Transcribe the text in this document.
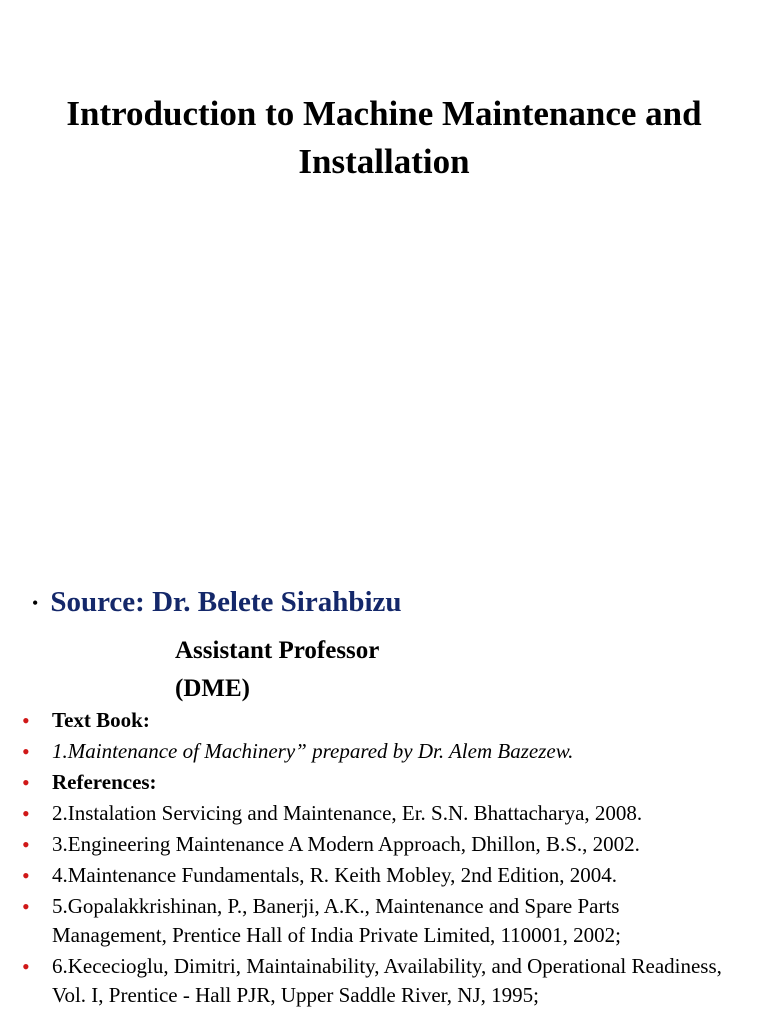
Introduction to Machine Maintenance and
Installation
• Source: Dr. Belete Sirahbizu
Assistant Professor
(DME)
• Text Book:
• 1.Maintenance of Machinery” prepared by Dr. Alem Bazezew.
• References:
• 2.Instalation Servicing and Maintenance, Er. S.N. Bhattacharya, 2008.
• 3.Engineering Maintenance A Modern Approach, Dhillon, B.S., 2002.
• 4.Maintenance Fundamentals, R. Keith Mobley, 2nd Edition, 2004.
• 5.Gopalakkrishinan, P., Banerji, A.K., Maintenance and Spare Parts Management, Prentice Hall of India Private Limited, 110001, 2002;
• 6.Kececioglu, Dimitri, Maintainability, Availability, and Operational Readiness, Vol. I, Prentice - Hall PJR, Upper Saddle River, NJ, 1995;
